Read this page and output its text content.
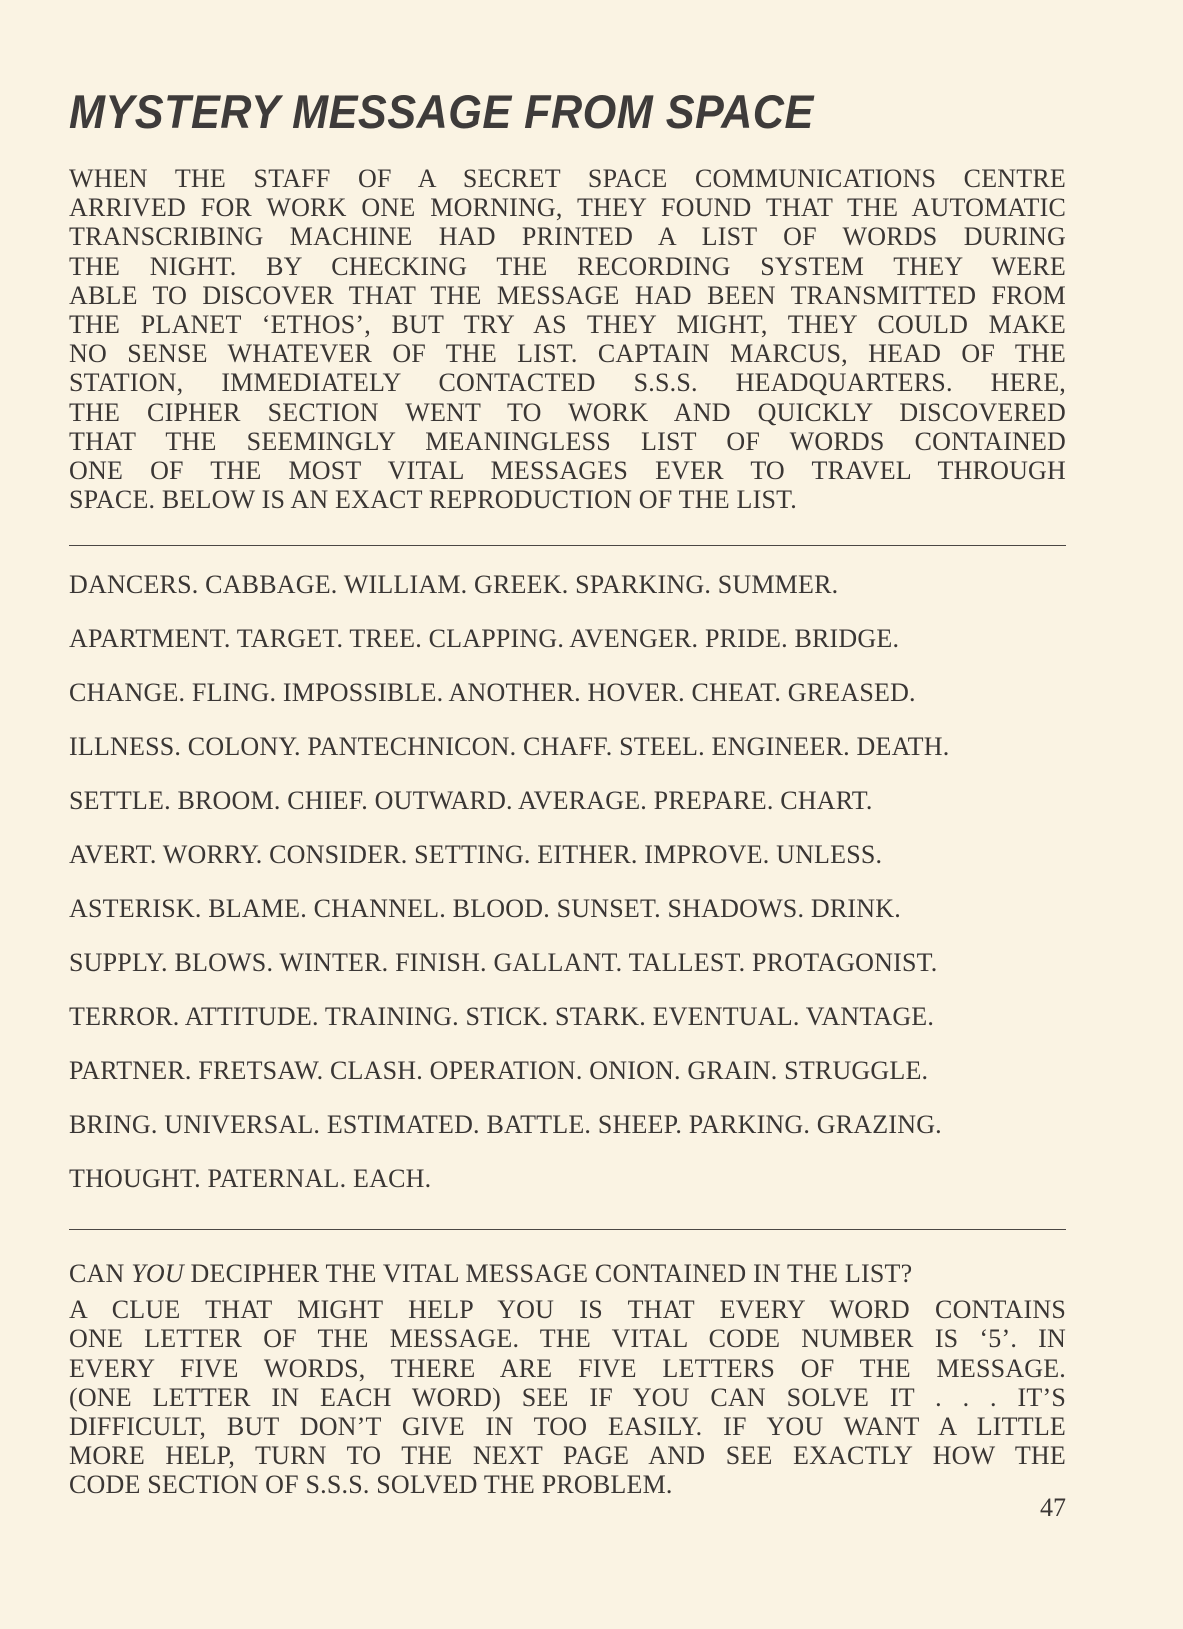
MYSTERY MESSAGE FROM SPACE
WHEN THE STAFF OF A SECRET SPACE COMMUNICATIONS CENTRE
ARRIVED FOR WORK ONE MORNING, THEY FOUND THAT THE AUTOMATIC
TRANSCRIBING MACHINE HAD PRINTED A LIST OF WORDS DURING
THE NIGHT. BY CHECKING THE RECORDING SYSTEM THEY WERE
ABLE TO DISCOVER THAT THE MESSAGE HAD BEEN TRANSMITTED FROM
THE PLANET ‘ETHOS’, BUT TRY AS THEY MIGHT, THEY COULD MAKE
NO SENSE WHATEVER OF THE LIST. CAPTAIN MARCUS, HEAD OF THE
STATION, IMMEDIATELY CONTACTED S.S.S. HEADQUARTERS. HERE,
THE CIPHER SECTION WENT TO WORK AND QUICKLY DISCOVERED
THAT THE SEEMINGLY MEANINGLESS LIST OF WORDS CONTAINED
ONE OF THE MOST VITAL MESSAGES EVER TO TRAVEL THROUGH
SPACE. BELOW IS AN EXACT REPRODUCTION OF THE LIST.
DANCERS. CABBAGE. WILLIAM. GREEK. SPARKING. SUMMER.
APARTMENT. TARGET. TREE. CLAPPING. AVENGER. PRIDE. BRIDGE.
CHANGE. FLING. IMPOSSIBLE. ANOTHER. HOVER. CHEAT. GREASED.
ILLNESS. COLONY. PANTECHNICON. CHAFF. STEEL. ENGINEER. DEATH.
SETTLE. BROOM. CHIEF. OUTWARD. AVERAGE. PREPARE. CHART.
AVERT. WORRY. CONSIDER. SETTING. EITHER. IMPROVE. UNLESS.
ASTERISK. BLAME. CHANNEL. BLOOD. SUNSET. SHADOWS. DRINK.
SUPPLY. BLOWS. WINTER. FINISH. GALLANT. TALLEST. PROTAGONIST.
TERROR. ATTITUDE. TRAINING. STICK. STARK. EVENTUAL. VANTAGE.
PARTNER. FRETSAW. CLASH. OPERATION. ONION. GRAIN. STRUGGLE.
BRING. UNIVERSAL. ESTIMATED. BATTLE. SHEEP. PARKING. GRAZING.
THOUGHT. PATERNAL. EACH.
CAN YOU DECIPHER THE VITAL MESSAGE CONTAINED IN THE LIST?
A CLUE THAT MIGHT HELP YOU IS THAT EVERY WORD CONTAINS
ONE LETTER OF THE MESSAGE. THE VITAL CODE NUMBER IS ‘5’. IN
EVERY FIVE WORDS, THERE ARE FIVE LETTERS OF THE MESSAGE.
(ONE LETTER IN EACH WORD) SEE IF YOU CAN SOLVE IT . . . IT’S
DIFFICULT, BUT DON’T GIVE IN TOO EASILY. IF YOU WANT A LITTLE
MORE HELP, TURN TO THE NEXT PAGE AND SEE EXACTLY HOW THE
CODE SECTION OF S.S.S. SOLVED THE PROBLEM.
47
